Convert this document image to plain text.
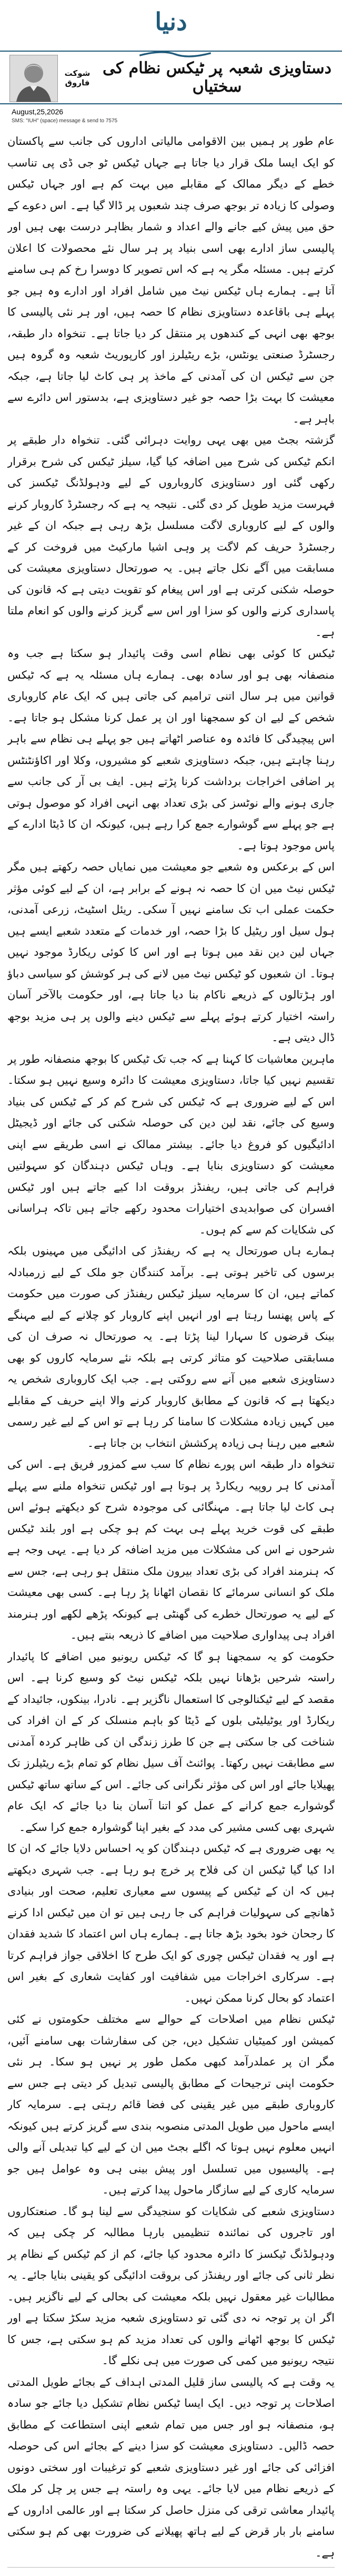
دنیا
شوکت فاروق
دستاویزی شعبہ پر ٹیکس نظام کی سختیاں
August,25,2026
SMS: "IUH" (space) message & send to 7575

عام طور پر ہمیں بین الاقوامی مالیاتی اداروں کی جانب سے پاکستان کو ایک ایسا ملک قرار دیا جاتا ہے جہاں ٹیکس ٹو جی ڈی پی تناسب خطے کے دیگر ممالک کے مقابلے میں بہت کم ہے اور جہاں ٹیکس وصولی کا زیادہ تر بوجھ صرف چند شعبوں پر ڈالا گیا ہے۔ اس دعوے کے حق میں پیش کیے جانے والے اعداد و شمار بظاہر درست بھی ہیں اور پالیسی ساز ادارے بھی اسی بنیاد پر ہر سال نئے محصولات کا اعلان کرتے ہیں۔ مسئلہ مگر یہ ہے کہ اس تصویر کا دوسرا رخ کم ہی سامنے آتا ہے۔ ہمارے ہاں ٹیکس نیٹ میں شامل افراد اور ادارے وہ ہیں جو پہلے ہی باقاعدہ دستاویزی نظام کا حصہ ہیں، اور ہر نئی پالیسی کا بوجھ بھی انہی کے کندھوں پر منتقل کر دیا جاتا ہے۔ تنخواہ دار طبقہ، رجسٹرڈ صنعتی یونٹس، بڑے ریٹیلرز اور کارپوریٹ شعبہ وہ گروہ ہیں جن سے ٹیکس ان کی آمدنی کے ماخذ پر ہی کاٹ لیا جاتا ہے، جبکہ معیشت کا بہت بڑا حصہ جو غیر دستاویزی ہے، بدستور اس دائرے سے باہر ہے۔

گزشتہ بجٹ میں بھی یہی روایت دہرائی گئی۔ تنخواہ دار طبقے پر انکم ٹیکس کی شرح میں اضافہ کیا گیا، سیلز ٹیکس کی شرح برقرار رکھی گئی اور دستاویزی کاروباروں کے لیے ودہولڈنگ ٹیکسز کی فہرست مزید طویل کر دی گئی۔ نتیجہ یہ ہے کہ رجسٹرڈ کاروبار کرنے والوں کے لیے کاروباری لاگت مسلسل بڑھ رہی ہے جبکہ ان کے غیر رجسٹرڈ حریف کم لاگت پر وہی اشیا مارکیٹ میں فروخت کر کے مسابقت میں آگے نکل جاتے ہیں۔ یہ صورتحال دستاویزی معیشت کی حوصلہ شکنی کرتی ہے اور اس پیغام کو تقویت دیتی ہے کہ قانون کی پاسداری کرنے والوں کو سزا اور اس سے گریز کرنے والوں کو انعام ملتا ہے۔

ٹیکس کا کوئی بھی نظام اسی وقت پائیدار ہو سکتا ہے جب وہ منصفانہ بھی ہو اور سادہ بھی۔ ہمارے ہاں مسئلہ یہ ہے کہ ٹیکس قوانین میں ہر سال اتنی ترامیم کی جاتی ہیں کہ ایک عام کاروباری شخص کے لیے ان کو سمجھنا اور ان پر عمل کرنا مشکل ہو جاتا ہے۔ اس پیچیدگی کا فائدہ وہ عناصر اٹھاتے ہیں جو پہلے ہی نظام سے باہر رہنا چاہتے ہیں، جبکہ دستاویزی شعبے کو مشیروں، وکلا اور اکاؤنٹنٹس پر اضافی اخراجات برداشت کرنا پڑتے ہیں۔ ایف بی آر کی جانب سے جاری ہونے والے نوٹسز کی بڑی تعداد بھی انہی افراد کو موصول ہوتی ہے جو پہلے سے گوشوارے جمع کرا رہے ہیں، کیونکہ ان کا ڈیٹا ادارے کے پاس موجود ہوتا ہے۔

اس کے برعکس وہ شعبے جو معیشت میں نمایاں حصہ رکھتے ہیں مگر ٹیکس نیٹ میں ان کا حصہ نہ ہونے کے برابر ہے، ان کے لیے کوئی مؤثر حکمت عملی اب تک سامنے نہیں آ سکی۔ ریئل اسٹیٹ، زرعی آمدنی، ہول سیل اور ریٹیل کا بڑا حصہ، اور خدمات کے متعدد شعبے ایسے ہیں جہاں لین دین نقد میں ہوتا ہے اور اس کا کوئی ریکارڈ موجود نہیں ہوتا۔ ان شعبوں کو ٹیکس نیٹ میں لانے کی ہر کوشش کو سیاسی دباؤ اور ہڑتالوں کے ذریعے ناکام بنا دیا جاتا ہے، اور حکومت بالآخر آسان راستہ اختیار کرتے ہوئے پہلے سے ٹیکس دینے والوں پر ہی مزید بوجھ ڈال دیتی ہے۔

ماہرین معاشیات کا کہنا ہے کہ جب تک ٹیکس کا بوجھ منصفانہ طور پر تقسیم نہیں کیا جاتا، دستاویزی معیشت کا دائرہ وسیع نہیں ہو سکتا۔ اس کے لیے ضروری ہے کہ ٹیکس کی شرح کم کر کے ٹیکس کی بنیاد وسیع کی جائے، نقد لین دین کی حوصلہ شکنی کی جائے اور ڈیجیٹل ادائیگیوں کو فروغ دیا جائے۔ بیشتر ممالک نے اسی طریقے سے اپنی معیشت کو دستاویزی بنایا ہے۔ وہاں ٹیکس دہندگان کو سہولتیں فراہم کی جاتی ہیں، ریفنڈز بروقت ادا کیے جاتے ہیں اور ٹیکس افسران کی صوابدیدی اختیارات محدود رکھے جاتے ہیں تاکہ ہراسانی کی شکایات کم سے کم ہوں۔

ہمارے ہاں صورتحال یہ ہے کہ ریفنڈز کی ادائیگی میں مہینوں بلکہ برسوں کی تاخیر ہوتی ہے۔ برآمد کنندگان جو ملک کے لیے زرمبادلہ کماتے ہیں، ان کا سرمایہ سیلز ٹیکس ریفنڈز کی صورت میں حکومت کے پاس پھنسا رہتا ہے اور انہیں اپنے کاروبار کو چلانے کے لیے مہنگے بینک قرضوں کا سہارا لینا پڑتا ہے۔ یہ صورتحال نہ صرف ان کی مسابقتی صلاحیت کو متاثر کرتی ہے بلکہ نئے سرمایہ کاروں کو بھی دستاویزی شعبے میں آنے سے روکتی ہے۔ جب ایک کاروباری شخص یہ دیکھتا ہے کہ قانون کے مطابق کاروبار کرنے والا اپنے حریف کے مقابلے میں کہیں زیادہ مشکلات کا سامنا کر رہا ہے تو اس کے لیے غیر رسمی شعبے میں رہنا ہی زیادہ پرکشش انتخاب بن جاتا ہے۔

تنخواہ دار طبقہ اس پورے نظام کا سب سے کمزور فریق ہے۔ اس کی آمدنی کا ہر روپیہ ریکارڈ پر ہوتا ہے اور ٹیکس تنخواہ ملنے سے پہلے ہی کاٹ لیا جاتا ہے۔ مہنگائی کی موجودہ شرح کو دیکھتے ہوئے اس طبقے کی قوت خرید پہلے ہی بہت کم ہو چکی ہے اور بلند ٹیکس شرحوں نے اس کی مشکلات میں مزید اضافہ کر دیا ہے۔ یہی وجہ ہے کہ ہنرمند افراد کی بڑی تعداد بیرون ملک منتقل ہو رہی ہے، جس سے ملک کو انسانی سرمائے کا نقصان اٹھانا پڑ رہا ہے۔ کسی بھی معیشت کے لیے یہ صورتحال خطرے کی گھنٹی ہے کیونکہ پڑھے لکھے اور ہنرمند افراد ہی پیداواری صلاحیت میں اضافے کا ذریعہ بنتے ہیں۔

حکومت کو یہ سمجھنا ہو گا کہ ٹیکس ریونیو میں اضافے کا پائیدار راستہ شرحیں بڑھانا نہیں بلکہ ٹیکس نیٹ کو وسیع کرنا ہے۔ اس مقصد کے لیے ٹیکنالوجی کا استعمال ناگزیر ہے۔ نادرا، بینکوں، جائیداد کے ریکارڈ اور یوٹیلیٹی بلوں کے ڈیٹا کو باہم منسلک کر کے ان افراد کی شناخت کی جا سکتی ہے جن کا طرز زندگی ان کی ظاہر کردہ آمدنی سے مطابقت نہیں رکھتا۔ پوائنٹ آف سیل نظام کو تمام بڑے ریٹیلرز تک پھیلایا جائے اور اس کی مؤثر نگرانی کی جائے۔ اس کے ساتھ ساتھ ٹیکس گوشوارے جمع کرانے کے عمل کو اتنا آسان بنا دیا جائے کہ ایک عام شہری بھی کسی مشیر کی مدد کے بغیر اپنا گوشوارہ جمع کرا سکے۔

یہ بھی ضروری ہے کہ ٹیکس دہندگان کو یہ احساس دلایا جائے کہ ان کا ادا کیا گیا ٹیکس ان کی فلاح پر خرچ ہو رہا ہے۔ جب شہری دیکھتے ہیں کہ ان کے ٹیکس کے پیسوں سے معیاری تعلیم، صحت اور بنیادی ڈھانچے کی سہولیات فراہم کی جا رہی ہیں تو ان میں ٹیکس ادا کرنے کا رجحان خود بخود بڑھ جاتا ہے۔ ہمارے ہاں اس اعتماد کا شدید فقدان ہے اور یہ فقدان ٹیکس چوری کو ایک طرح کا اخلاقی جواز فراہم کرتا ہے۔ سرکاری اخراجات میں شفافیت اور کفایت شعاری کے بغیر اس اعتماد کو بحال کرنا ممکن نہیں۔

ٹیکس نظام میں اصلاحات کے حوالے سے مختلف حکومتوں نے کئی کمیشن اور کمیٹیاں تشکیل دیں، جن کی سفارشات بھی سامنے آئیں، مگر ان پر عملدرآمد کبھی مکمل طور پر نہیں ہو سکا۔ ہر نئی حکومت اپنی ترجیحات کے مطابق پالیسی تبدیل کر دیتی ہے جس سے کاروباری طبقے میں غیر یقینی کی فضا قائم رہتی ہے۔ سرمایہ کار ایسے ماحول میں طویل المدتی منصوبہ بندی سے گریز کرتے ہیں کیونکہ انہیں معلوم نہیں ہوتا کہ اگلے بجٹ میں ان کے لیے کیا تبدیلی آنے والی ہے۔ پالیسیوں میں تسلسل اور پیش بینی ہی وہ عوامل ہیں جو سرمایہ کاری کے لیے سازگار ماحول پیدا کرتے ہیں۔

دستاویزی شعبے کی شکایات کو سنجیدگی سے لینا ہو گا۔ صنعتکاروں اور تاجروں کی نمائندہ تنظیمیں بارہا مطالبہ کر چکی ہیں کہ ودہولڈنگ ٹیکسز کا دائرہ محدود کیا جائے، کم از کم ٹیکس کے نظام پر نظر ثانی کی جائے اور ریفنڈز کی بروقت ادائیگی کو یقینی بنایا جائے۔ یہ مطالبات غیر معقول نہیں بلکہ معیشت کی بحالی کے لیے ناگزیر ہیں۔ اگر ان پر توجہ نہ دی گئی تو دستاویزی شعبہ مزید سکڑ سکتا ہے اور ٹیکس کا بوجھ اٹھانے والوں کی تعداد مزید کم ہو سکتی ہے، جس کا نتیجہ ریونیو میں کمی کی صورت میں ہی نکلے گا۔

یہ وقت ہے کہ پالیسی ساز قلیل المدتی اہداف کے بجائے طویل المدتی اصلاحات پر توجہ دیں۔ ایک ایسا ٹیکس نظام تشکیل دیا جائے جو سادہ ہو، منصفانہ ہو اور جس میں تمام شعبے اپنی استطاعت کے مطابق حصہ ڈالیں۔ دستاویزی معیشت کو سزا دینے کے بجائے اس کی حوصلہ افزائی کی جائے اور غیر دستاویزی شعبے کو ترغیبات اور سختی دونوں کے ذریعے نظام میں لایا جائے۔ یہی وہ راستہ ہے جس پر چل کر ملک پائیدار معاشی ترقی کی منزل حاصل کر سکتا ہے اور عالمی اداروں کے سامنے بار بار قرض کے لیے ہاتھ پھیلانے کی ضرورت بھی کم ہو سکتی ہے۔
